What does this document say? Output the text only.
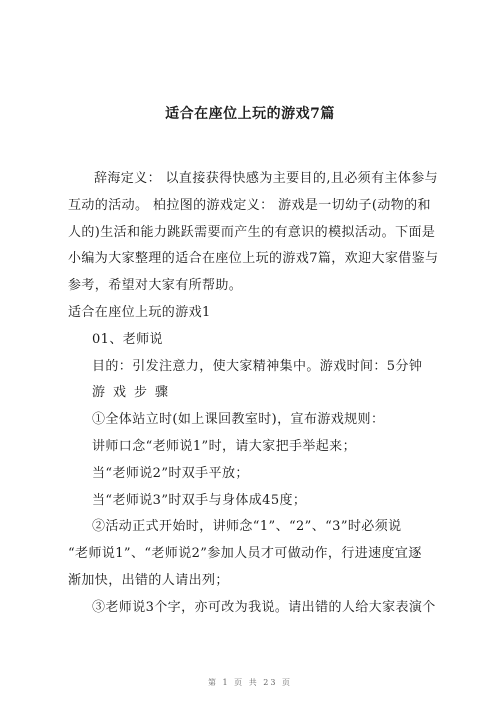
适合在座位上玩的游戏7篇
辞海定义： 以直接获得快感为主要目的,且必须有主体参与
互动的活动。 柏拉图的游戏定义： 游戏是一切幼子(动物的和
人的)生活和能力跳跃需要而产生的有意识的模拟活动。下面是
小编为大家整理的适合在座位上玩的游戏7篇，欢迎大家借鉴与
参考，希望对大家有所帮助。
适合在座位上玩的游戏1
01、老师说
目的：引发注意力，使大家精神集中。游戏时间：5分钟
游戏步骤
①全体站立时(如上课回教室时)，宣布游戏规则：
讲师口念“老师说1”时，请大家把手举起来；
当“老师说2”时双手平放；
当“老师说3”时双手与身体成45度；
②活动正式开始时，讲师念“1”、“2”、“3”时必须说
“老师说1”、“老师说2”参加人员才可做动作，行进速度宜逐
渐加快，出错的人请出列；
③老师说3个字，亦可改为我说。请出错的人给大家表演个
第 1 页 共 23 页
